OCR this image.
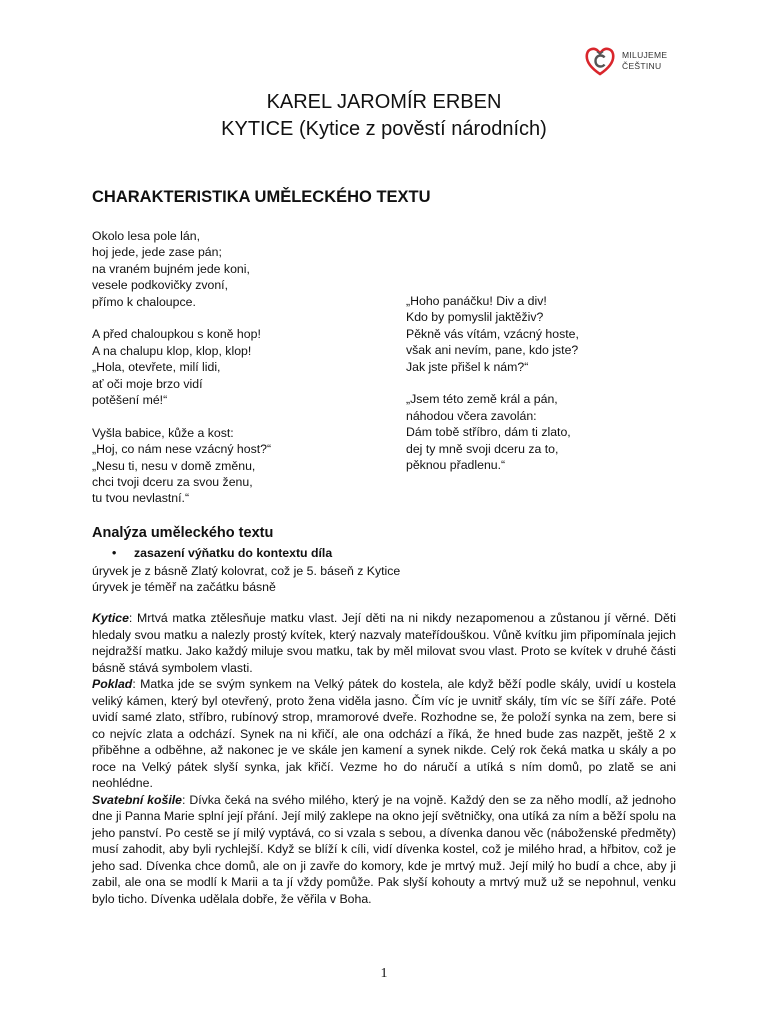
MILUJEME
ČEŠTINU
KAREL JAROMÍR ERBEN
KYTICE (Kytice z pověstí národních)
CHARAKTERISTIKA UMĚLECKÉHO TEXTU
Okolo lesa pole lán,
hoj jede, jede zase pán;
na vraném bujném jede koni,
vesele podkovičky zvoní,
přímo k chaloupce.
A před chaloupkou s koně hop!
A na chalupu klop, klop, klop!
„Hola, otevřete, milí lidi,
ať oči moje brzo vidí
potěšení mé!“
Vyšla babice, kůže a kost:
„Hoj, co nám nese vzácný host?“
„Nesu ti, nesu v domě změnu,
chci tvoji dceru za svou ženu,
tu tvou nevlastní.“
„Hoho panáčku! Div a div!
Kdo by pomyslil jaktěživ?
Pěkně vás vítám, vzácný hoste,
však ani nevím, pane, kdo jste?
Jak jste přišel k nám?“
„Jsem této země král a pán,
náhodou včera zavolán:
Dám tobě stříbro, dám ti zlato,
dej ty mně svoji dceru za to,
pěknou přadlenu.“
Analýza uměleckého textu
•	zasazení výňatku do kontextu díla
úryvek je z básně Zlatý kolovrat, což je 5. báseň z Kytice
úryvek je téměř na začátku básně

Kytice: Mrtvá matka ztělesňuje matku vlast. Její děti na ni nikdy nezapomenou a zůstanou jí věrné. Děti hledaly svou matku a nalezly prostý kvítek, který nazvaly mateřídouškou. Vůně kvítku jim připomínala jejich nejdražší matku. Jako každý miluje svou matku, tak by měl milovat svou vlast. Proto se kvítek v druhé části básně stává symbolem vlasti.

Poklad: Matka jde se svým synkem na Velký pátek do kostela, ale když běží podle skály, uvidí u kostela veliký kámen, který byl otevřený, proto žena viděla jasno. Čím víc je uvnitř skály, tím víc se šíří záře. Poté uvidí samé zlato, stříbro, rubínový strop, mramorové dveře. Rozhodne se, že položí synka na zem, bere si co nejvíc zlata a odchází. Synek na ni křičí, ale ona odchází a říká, že hned bude zas nazpět, ještě 2 x přiběhne a odběhne, až nakonec je ve skále jen kamení a synek nikde. Celý rok čeká matka u skály a po roce na Velký pátek slyší synka, jak křičí. Vezme ho do náručí a utíká s ním domů, po zlatě se ani neohlédne.

Svatební košile: Dívka čeká na svého milého, který je na vojně. Každý den se za něho modlí, až jednoho dne ji Panna Marie splní její přání. Její milý zaklepe na okno její světničky, ona utíká za ním a běží spolu na jeho panství. Po cestě se jí milý vyptává, co si vzala s sebou, a dívenka danou věc (náboženské předměty) musí zahodit, aby byli rychlejší. Když se blíží k cíli, vidí dívenka kostel, což je milého hrad, a hřbitov, což je jeho sad. Dívenka chce domů, ale on ji zavře do komory, kde je mrtvý muž. Její milý ho budí a chce, aby ji zabil, ale ona se modlí k Marii a ta jí vždy pomůže. Pak slyší kohouty a mrtvý muž už se nepohnul, venku bylo ticho. Dívenka udělala dobře, že věřila v Boha.

1
